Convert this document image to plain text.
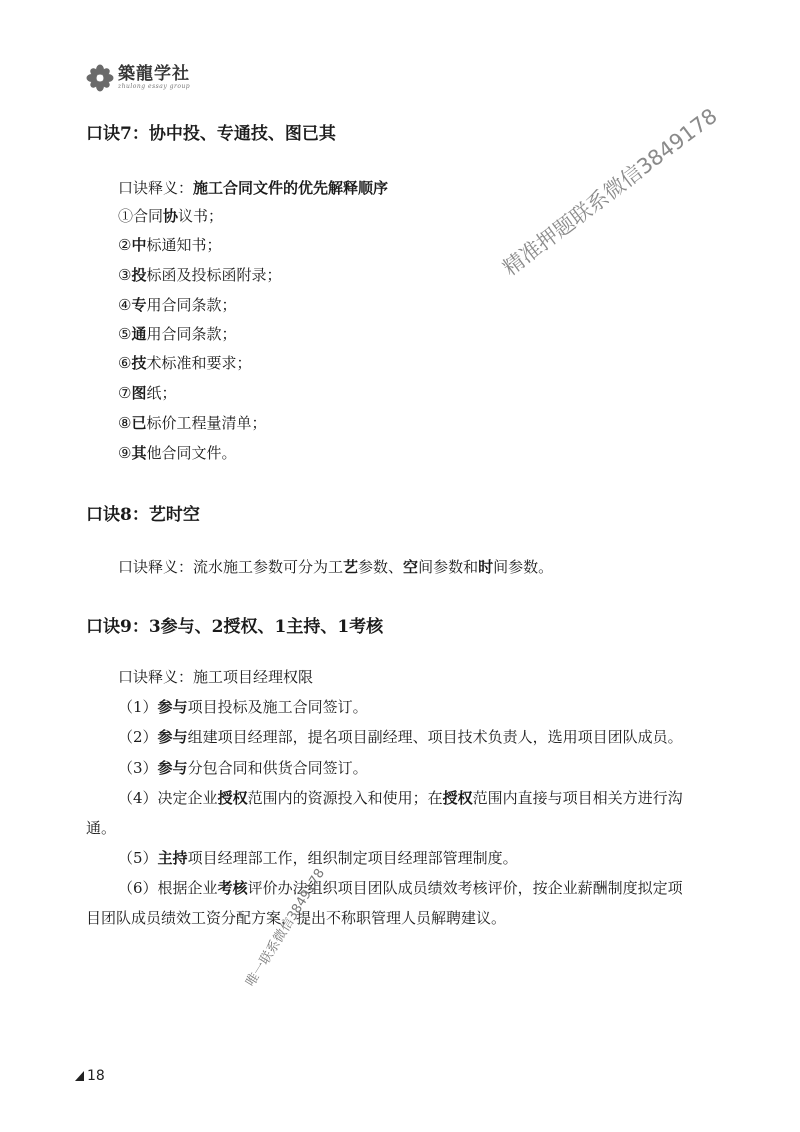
築龍学社
zhulong essay group
口诀7：协中投、专通技、图已其

口诀释义：施工合同文件的优先解释顺序

①合同协议书；

②中标通知书；

③投标函及投标函附录；

④专用合同条款；

⑤通用合同条款；

⑥技术标准和要求；

⑦图纸；

⑧已标价工程量清单；

⑨其他合同文件。

口诀8：艺时空

口诀释义：流水施工参数可分为工艺参数、空间参数和时间参数。

口诀9：3参与、2授权、1主持、1考核

口诀释义：施工项目经理权限

（1）参与项目投标及施工合同签订。

（2）参与组建项目经理部，提名项目副经理、项目技术负责人，选用项目团队成员。

（3）参与分包合同和供货合同签订。

（4）决定企业授权范围内的资源投入和使用；在授权范围内直接与项目相关方进行沟

通。

（5）主持项目经理部工作，组织制定项目经理部管理制度。

（6）根据企业考核评价办法组织项目团队成员绩效考核评价，按企业薪酬制度拟定项

目团队成员绩效工资分配方案，提出不称职管理人员解聘建议。

精准押题联系微信3849178
唯一联系微信3849178
18
